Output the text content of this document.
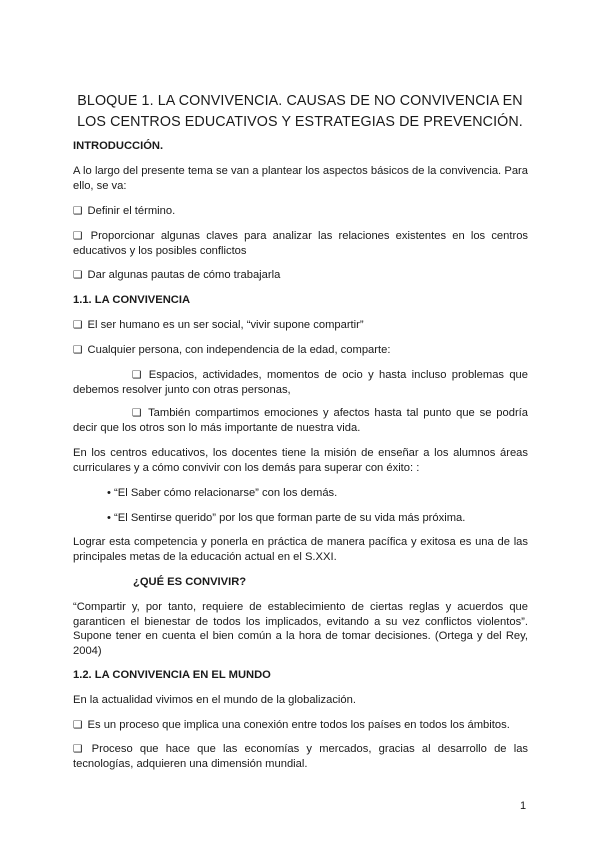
BLOQUE 1. LA CONVIVENCIA. CAUSAS DE NO CONVIVENCIA EN
LOS CENTROS EDUCATIVOS Y ESTRATEGIAS DE PREVENCIÓN.
INTRODUCCIÓN.
A lo largo del presente tema se van a plantear los aspectos básicos de la convivencia. Para ello, se va:
❑ Definir el término.
❑ Proporcionar algunas claves para analizar las relaciones existentes en los centros educativos y los posibles conflictos
❑ Dar algunas pautas de cómo trabajarla
1.1. LA CONVIVENCIA
❑ El ser humano es un ser social, “vivir supone compartir”
❑ Cualquier persona, con independencia de la edad, comparte:
❑ Espacios, actividades, momentos de ocio y hasta incluso problemas que debemos resolver junto con otras personas,
❑ También compartimos emociones y afectos hasta tal punto que se podría decir que los otros son lo más importante de nuestra vida.
En los centros educativos, los docentes tiene la misión de enseñar a los alumnos áreas curriculares y a cómo convivir con los demás para superar con éxito: :
• “El Saber cómo relacionarse” con los demás.
• “El Sentirse querido” por los que forman parte de su vida más próxima.
Lograr esta competencia y ponerla en práctica de manera pacífica y exitosa es una de las principales metas de la educación actual en el S.XXI.
¿QUÉ ES CONVIVIR?
“Compartir y, por tanto, requiere de establecimiento de ciertas reglas y acuerdos que garanticen el bienestar de todos los implicados, evitando a su vez conflictos violentos”. Supone tener en cuenta el bien común a la hora de tomar decisiones. (Ortega y del Rey, 2004)
1.2. LA CONVIVENCIA EN EL MUNDO
En la actualidad vivimos en el mundo de la globalización.
❑ Es un proceso que implica una conexión entre todos los países en todos los ámbitos.
❑ Proceso que hace que las economías y mercados, gracias al desarrollo de las tecnologías, adquieren una dimensión mundial.
1
